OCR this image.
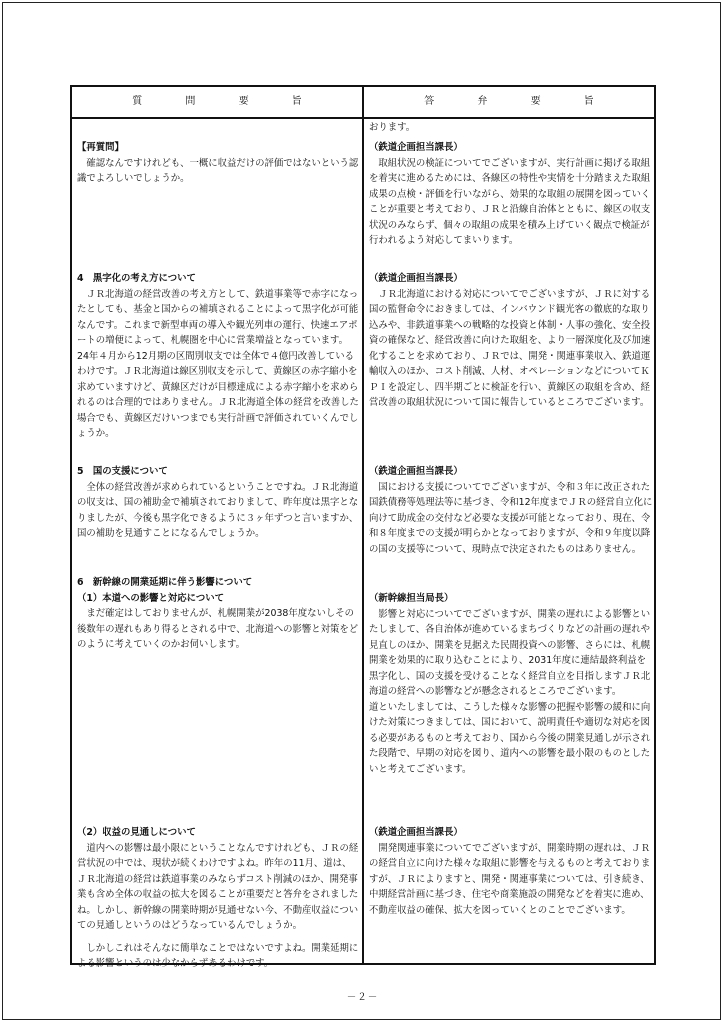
質 問 要 旨	答 弁 要 旨
【再質問】
確認なんですけれども、一概に収益だけの評価ではないという認識でよろしいでしょうか。
4　黒字化の考え方について
ＪＲ北海道の経営改善の考え方として、鉄道事業等で赤字になったとしても、基金と国からの補填されることによって黒字化が可能なんです。これまで新型車両の導入や観光列車の運行、快速エアポートの増便によって、札幌圏を中心に営業増益となっています。24年４月から12月期の区間別収支では全体で４億円改善しているわけです。ＪＲ北海道は線区別収支を示して、黄線区の赤字縮小を求めていますけど、黄線区だけが目標達成による赤字縮小を求められるのは合理的ではありません。ＪＲ北海道全体の経営を改善した場合でも、黄線区だけいつまでも実行計画で評価されていくんでしょうか。
5　国の支援について
全体の経営改善が求められているということですね。ＪＲ北海道の収支は、国の補助金で補填されておりまして、昨年度は黒字となりましたが、今後も黒字化できるように３ヶ年ずつと言いますか、国の補助を見通すことになるんでしょうか。
6　新幹線の開業延期に伴う影響について
（1）本道への影響と対応について
まだ確定はしておりませんが、札幌開業が2038年度ないしその後数年の遅れもあり得るとされる中で、北海道への影響と対策をどのように考えていくのかお伺いします。
（2）収益の見通しについて
道内への影響は最小限にということなんですけれども、ＪＲの経営状況の中では、現状が続くわけですよね。昨年の11月、道は、ＪＲ北海道の経営は鉄道事業のみならずコスト削減のほか、開発事業も含め全体の収益の拡大を図ることが重要だと答弁をされましたね。しかし、新幹線の開業時期が見通せない今、不動産収益についての見通しというのはどうなっているんでしょうか。
しかしこれはそんなに簡単なことではないですよね。開業延期による影響というのは少なからずあるわけです。
おります。
（鉄道企画担当課長）
取組状況の検証についてでございますが、実行計画に掲げる取組を着実に進めるためには、各線区の特性や実情を十分踏まえた取組成果の点検・評価を行いながら、効果的な取組の展開を図っていくことが重要と考えており、ＪＲと沿線自治体とともに、線区の収支状況のみならず、個々の取組の成果を積み上げていく観点で検証が行われるよう対応してまいります。
（鉄道企画担当課長）
ＪＲ北海道における対応についてでございますが、ＪＲに対する国の監督命令におきましては、インバウンド観光客の徹底的な取り込みや、非鉄道事業への戦略的な投資と体制・人事の強化、安全投資の確保など、経営改善に向けた取組を、より一層深度化及び加速化することを求めており、ＪＲでは、開発・関連事業収入、鉄道運輸収入のほか、コスト削減、人材、オペレーションなどについてＫＰＩを設定し、四半期ごとに検証を行い、黄線区の取組を含め、経営改善の取組状況について国に報告しているところでございます。
（鉄道企画担当課長）
国における支援についてでございますが、令和３年に改正された国鉄債務等処理法等に基づき、令和12年度までＪＲの経営自立化に向けて助成金の交付など必要な支援が可能となっており、現在、令和８年度までの支援が明らかとなっておりますが、令和９年度以降の国の支援等について、現時点で決定されたものはありません。
（新幹線担当局長）
影響と対応についてでございますが、開業の遅れによる影響といたしまして、各自治体が進めているまちづくりなどの計画の遅れや見直しのほか、開業を見据えた民間投資への影響、さらには、札幌開業を効果的に取り込むことにより、2031年度に連結最終利益を黒字化し、国の支援を受けることなく経営自立を目指しますＪＲ北海道の経営への影響などが懸念されるところでございます。
道といたしましては、こうした様々な影響の把握や影響の緩和に向けた対策につきましては、国において、説明責任や適切な対応を図る必要があるものと考えており、国から今後の開業見通しが示された段階で、早期の対応を図り、道内への影響を最小限のものとしたいと考えてございます。
（鉄道企画担当課長）
開発関連事業についてでございますが、開業時期の遅れは、ＪＲの経営自立に向けた様々な取組に影響を与えるものと考えておりますが、ＪＲによりますと、開発・関連事業については、引き続き、中期経営計画に基づき、住宅や商業施設の開発などを着実に進め、不動産収益の確保、拡大を図っていくとのことでございます。
－２－
